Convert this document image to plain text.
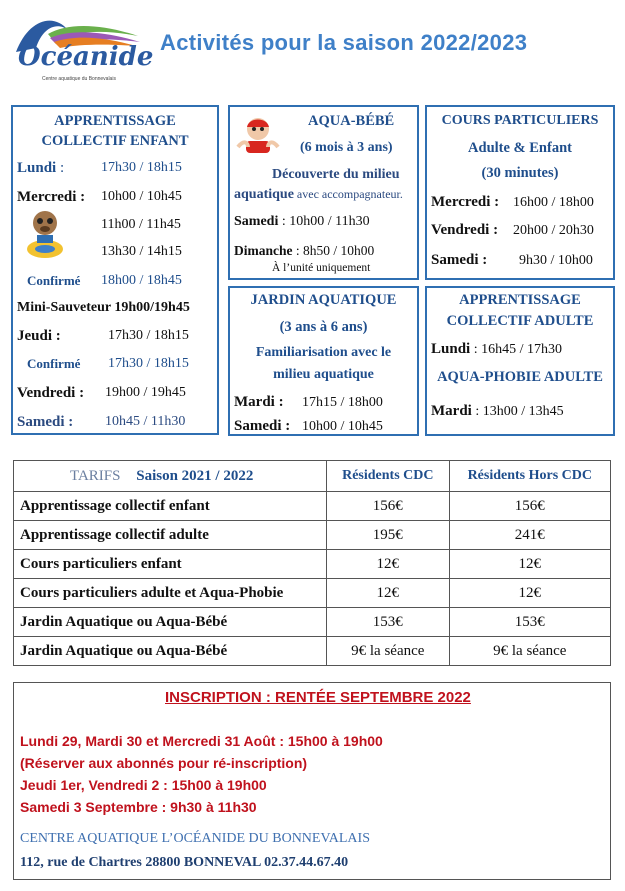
Océanide
Centre aquatique du Bonnevalais
Activités pour la saison 2022/2023
APPRENTISSAGE
COLLECTIF ENFANT
Lundi :	17h30 / 18h15
Mercredi : 10h00 / 10h45
11h00 / 11h45
13h30 / 14h15
Confirmé 18h00 / 18h45
Mini-Sauveteur 19h00/19h45
Jeudi :	17h30 / 18h15
Confirmé 17h30 / 18h15
Vendredi : 19h00 / 19h45
Samedi : 10h45 / 11h30
AQUA-BÉBÉ
(6 mois à 3 ans)
Découverte du milieu
aquatique avec accompagnateur.
Samedi : 10h00 / 11h30
Dimanche : 8h50 / 10h00
À l’unité uniquement
COURS PARTICULIERS
Adulte & Enfant
(30 minutes)
Mercredi : 16h00 / 18h00
Vendredi : 20h00 / 20h30
Samedi : 9h30 / 10h00
JARDIN AQUATIQUE
(3 ans à 6 ans)
Familiarisation avec le
milieu aquatique
Mardi : 17h15 / 18h00
Samedi : 10h00 / 10h45
APPRENTISSAGE
COLLECTIF ADULTE
Lundi : 16h45 / 17h30
AQUA-PHOBIE ADULTE
Mardi : 13h00 / 13h45
TARIFS Saison 2021 / 2022	Résidents CDC	Résidents Hors CDC
Apprentissage collectif enfant	156€	156€
Apprentissage collectif adulte	195€	241€
Cours particuliers enfant	12€	12€
Cours particuliers adulte et Aqua-Phobie	12€	12€
Jardin Aquatique ou Aqua-Bébé	153€	153€
Jardin Aquatique ou Aqua-Bébé	9€ la séance	9€ la séance
INSCRIPTION : RENTÉE SEPTEMBRE 2022
Lundi 29, Mardi 30 et Mercredi 31 Août : 15h00 à 19h00
(Réserver aux abonnés pour ré-inscription)
Jeudi 1er, Vendredi 2 : 15h00 à 19h00
Samedi 3 Septembre : 9h30 à 11h30
CENTRE AQUATIQUE L’OCÉANIDE DU BONNEVALAIS
112, rue de Chartres 28800 BONNEVAL 02.37.44.67.40
